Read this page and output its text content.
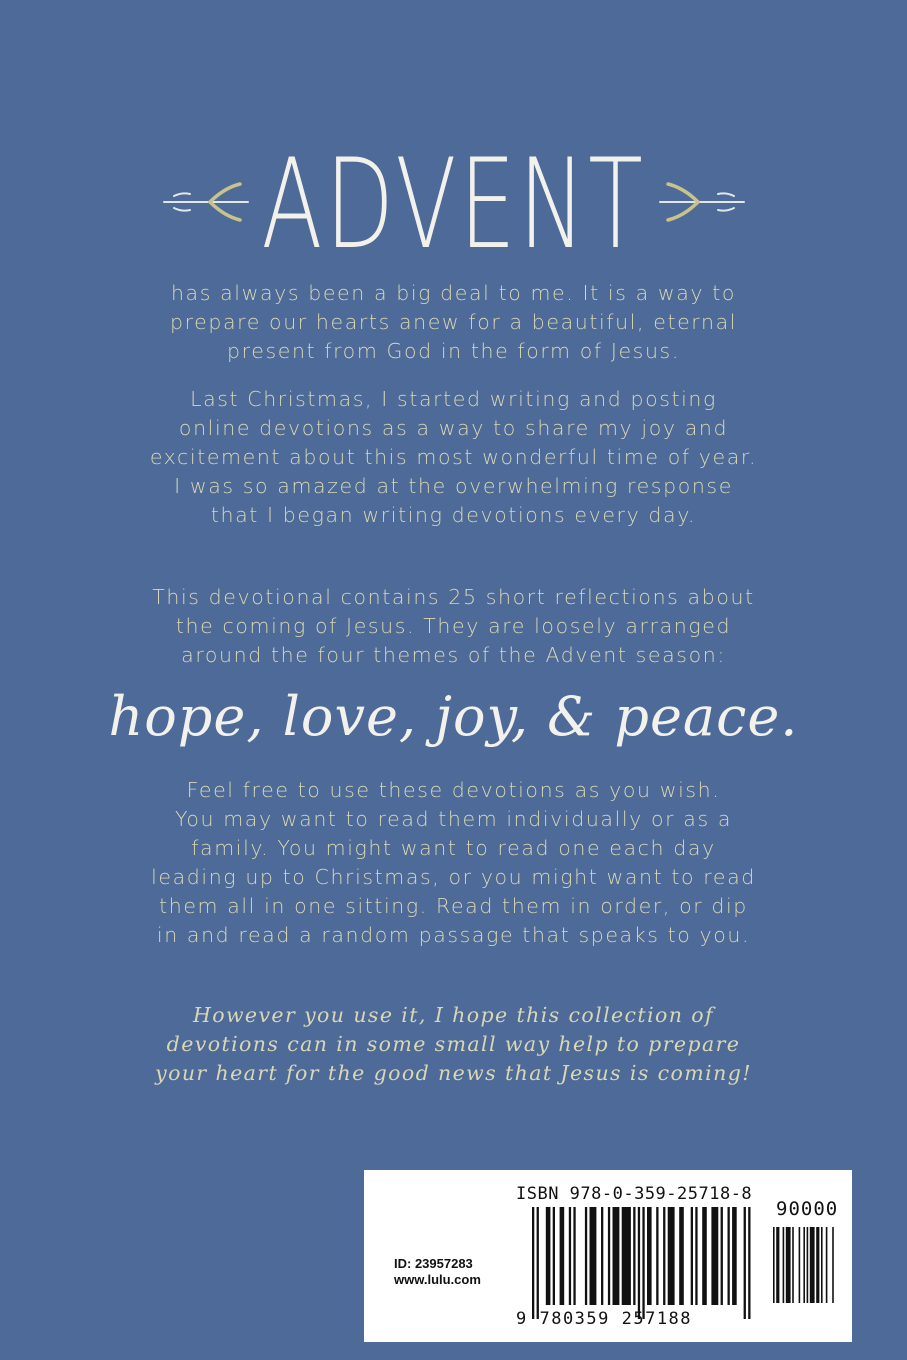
ADVENT
has always been a big deal to me. It is a way to
prepare our hearts anew for a beautiful, eternal
present from God in the form of Jesus.
Last Christmas, I started writing and posting
online devotions as a way to share my joy and
excitement about this most wonderful time of year.
I was so amazed at the overwhelming response
that I began writing devotions every day.
This devotional contains 25 short reflections about
the coming of Jesus. They are loosely arranged
around the four themes of the Advent season:
hope, love, joy, & peace.
Feel free to use these devotions as you wish.
You may want to read them individually or as a
family. You might want to read one each day
leading up to Christmas, or you might want to read
them all in one sitting. Read them in order, or dip
in and read a random passage that speaks to you.
However you use it, I hope this collection of
devotions can in some small way help to prepare
your heart for the good news that Jesus is coming!
ISBN 978-0-359-25718-8
90000
ID: 23957283
www.lulu.com
9 780359 257188
